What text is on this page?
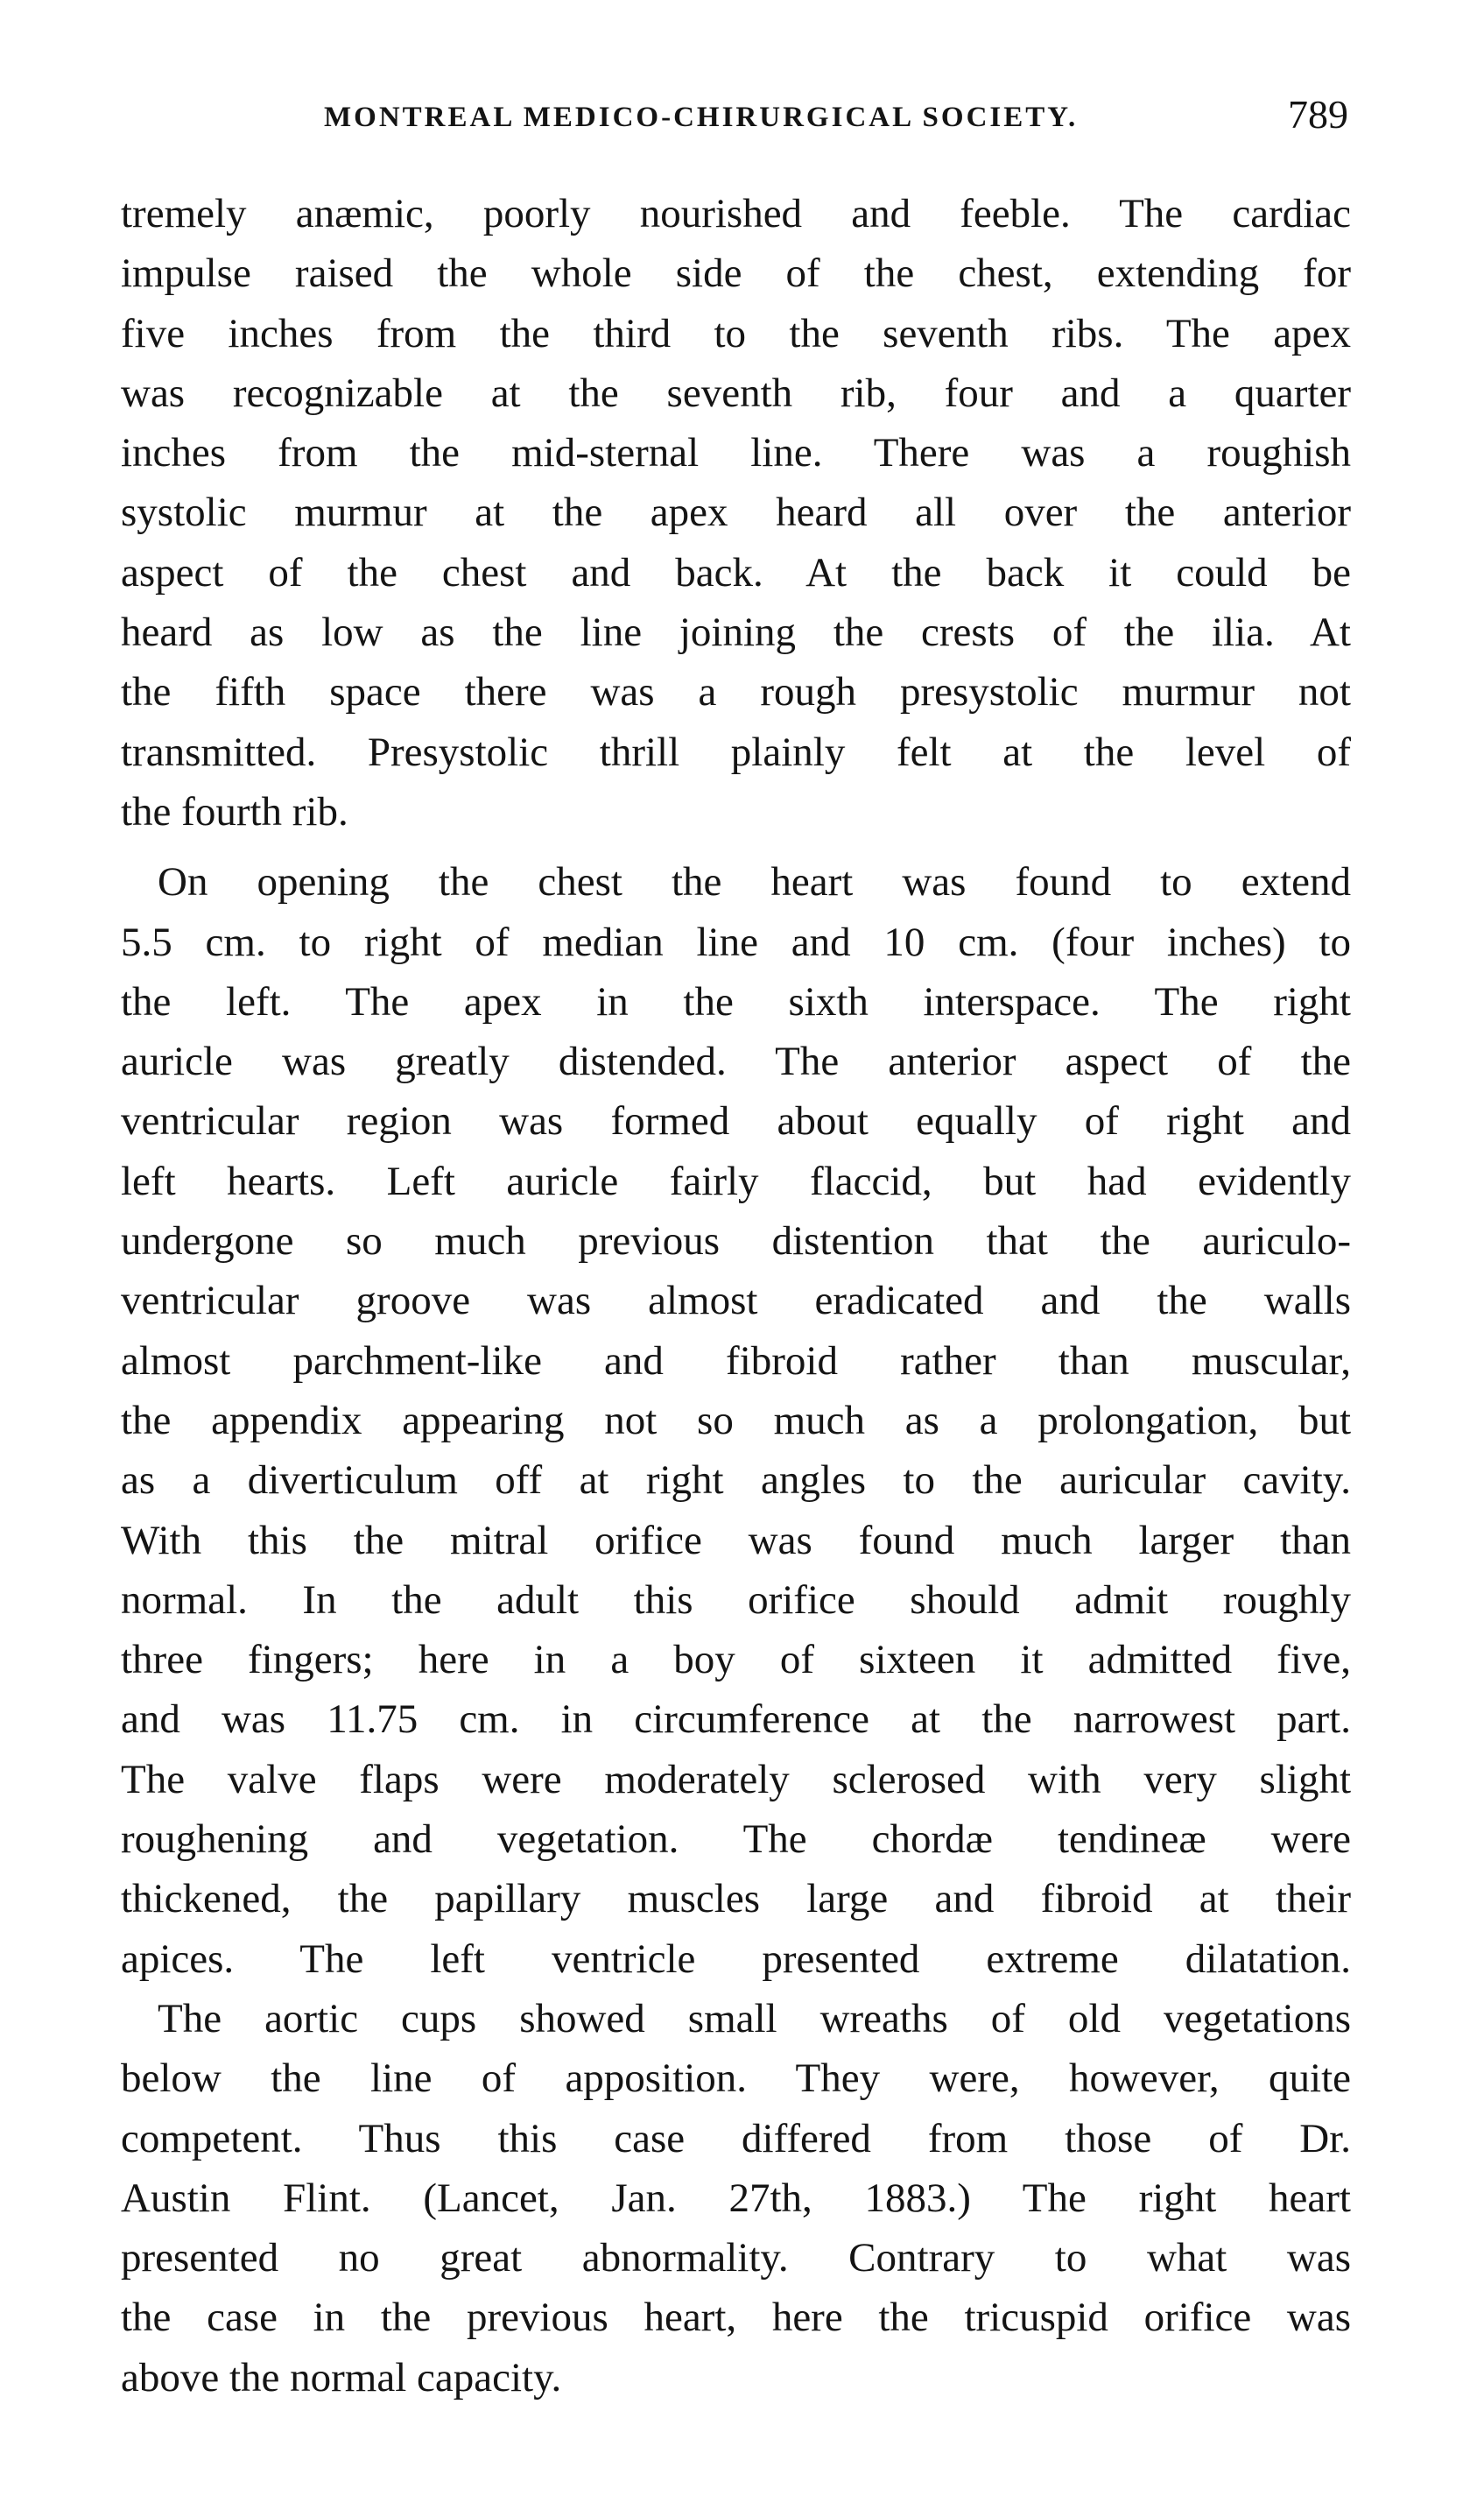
MONTREAL MEDICO-CHIRURGICAL SOCIETY.	789
tremely anæmic, poorly nourished and feeble. The cardiac
impulse raised the whole side of the chest, extending for
five inches from the third to the seventh ribs. The apex
was recognizable at the seventh rib, four and a quarter
inches from the mid-sternal line. There was a roughish
systolic murmur at the apex heard all over the anterior
aspect of the chest and back. At the back it could be
heard as low as the line joining the crests of the ilia. At
the fifth space there was a rough presystolic murmur not
transmitted. Presystolic thrill plainly felt at the level of
the fourth rib.
On opening the chest the heart was found to extend
5.5 cm. to right of median line and 10 cm. (four inches) to
the left. The apex in the sixth interspace. The right
auricle was greatly distended. The anterior aspect of the
ventricular region was formed about equally of right and
left hearts. Left auricle fairly flaccid, but had evidently
undergone so much previous distention that the auriculo-
ventricular groove was almost eradicated and the walls
almost parchment-like and fibroid rather than muscular,
the appendix appearing not so much as a prolongation, but
as a diverticulum off at right angles to the auricular cavity.
With this the mitral orifice was found much larger than
normal. In the adult this orifice should admit roughly
three fingers; here in a boy of sixteen it admitted five,
and was 11.75 cm. in circumference at the narrowest part.
The valve flaps were moderately sclerosed with very slight
roughening and vegetation. The chordæ tendineæ were
thickened, the papillary muscles large and fibroid at their
apices. The left ventricle presented extreme dilatation.
The aortic cups showed small wreaths of old vegetations
below the line of apposition. They were, however, quite
competent. Thus this case differed from those of Dr.
Austin Flint. (Lancet, Jan. 27th, 1883.) The right heart
presented no great abnormality. Contrary to what was
the case in the previous heart, here the tricuspid orifice was
above the normal capacity.
